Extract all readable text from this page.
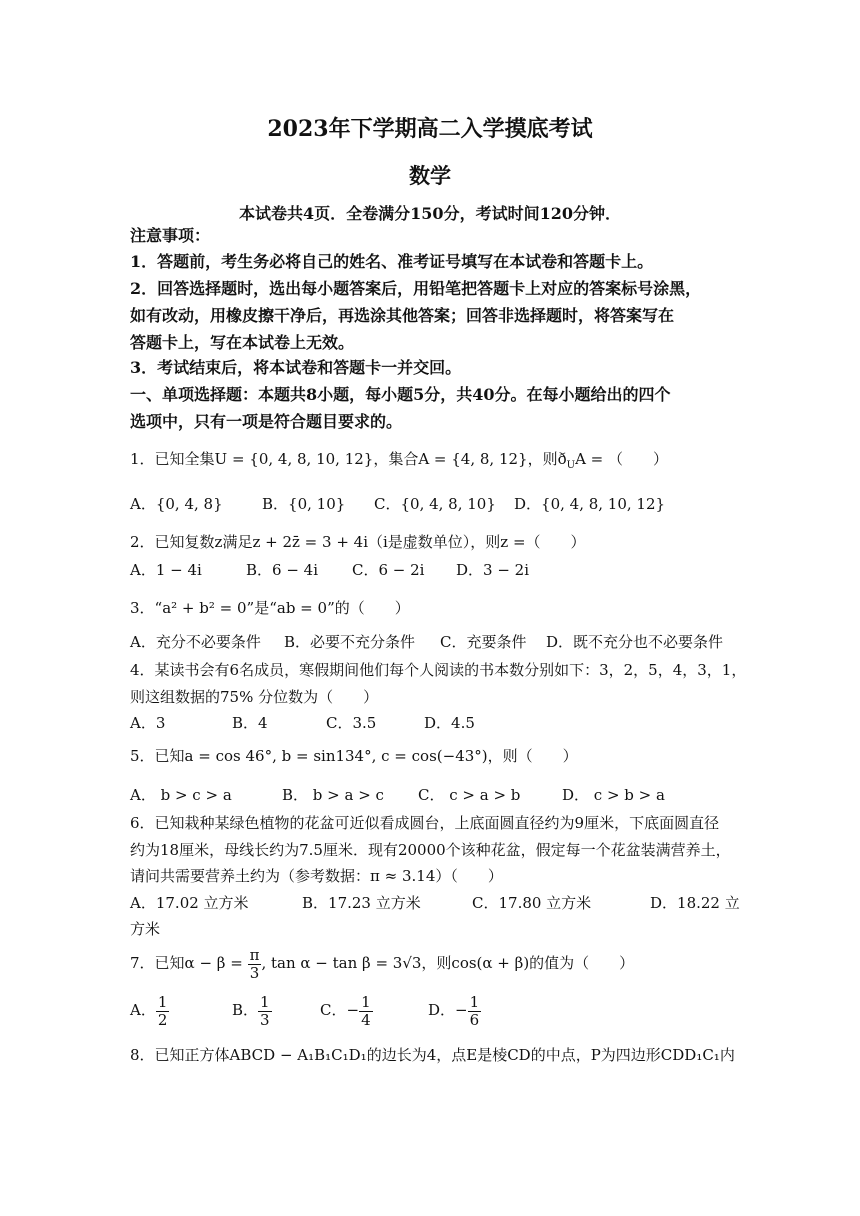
2023年下学期高二入学摸底考试
数学
本试卷共4页．全卷满分150分，考试时间120分钟．
注意事项：
1．答题前，考生务必将自己的姓名、准考证号填写在本试卷和答题卡上。
2．回答选择题时，选出每小题答案后，用铅笔把答题卡上对应的答案标号涂黑，
如有改动，用橡皮擦干净后，再选涂其他答案；回答非选择题时，将答案写在
答题卡上，写在本试卷上无效。
3．考试结束后，将本试卷和答题卡一并交回。
一、单项选择题：本题共8小题，每小题5分，共40分。在每小题给出的四个
选项中，只有一项是符合题目要求的。
1．已知全集U = {0, 4, 8, 10, 12}，集合A = {4, 8, 12}，则$ð_UA$ = （　　）
A．{0, 4, 8}	B．{0, 10} C．{0, 4, 8, 10} D．{0, 4, 8, 10, 12}
2．已知复数z满足z + 2z̄ = 3 + 4i（i是虚数单位），则z =（　　）
A．1 − 4i	B．6 − 4i C．6 − 2i D．3 − 2i
3．“a² + b² = 0”是“ab = 0”的（　　）
A．充分不必要条件 B．必要不充分条件 C．充要条件 D．既不充分也不必要条件
4．某读书会有6名成员，寒假期间他们每个人阅读的书本数分别如下：3，2，5，4，3，1，
则这组数据的75% 分位数为（　　）
A．3	B．4	C．3.5	D．4.5
5．已知a = cos 46°, b = sin134°, c = cos(−43°)，则（　　）
A． b > c > a	B． b > a > c C． c > a > b	D． c > b > a
6．已知栽种某绿色植物的花盆可近似看成圆台，上底面圆直径约为9厘米，下底面圆直径
约为18厘米，母线长约为7.5厘米．现有20000个该种花盆，假定每一个花盆装满营养土，
请问共需要营养土约为（参考数据：π ≈ 3.14）（　　）
A．17.02 立方米	B．17.23 立方米	C．17.80 立方米	D．18.22 立
方米
7．已知$\alpha - \beta = \frac{\pi}{3}$ , tan α − tan β = 3√3，则cos(α + β)的值为（　　）
A． $\frac{1}{2}$	B． $\frac{1}{3}$	C．− $\frac{1}{4}$	D．− $\frac{1}{6}$
8．已知正方体ABCD − A₁B₁C₁D₁的边长为4，点E是棱CD的中点，P为四边形CDD₁C₁内
